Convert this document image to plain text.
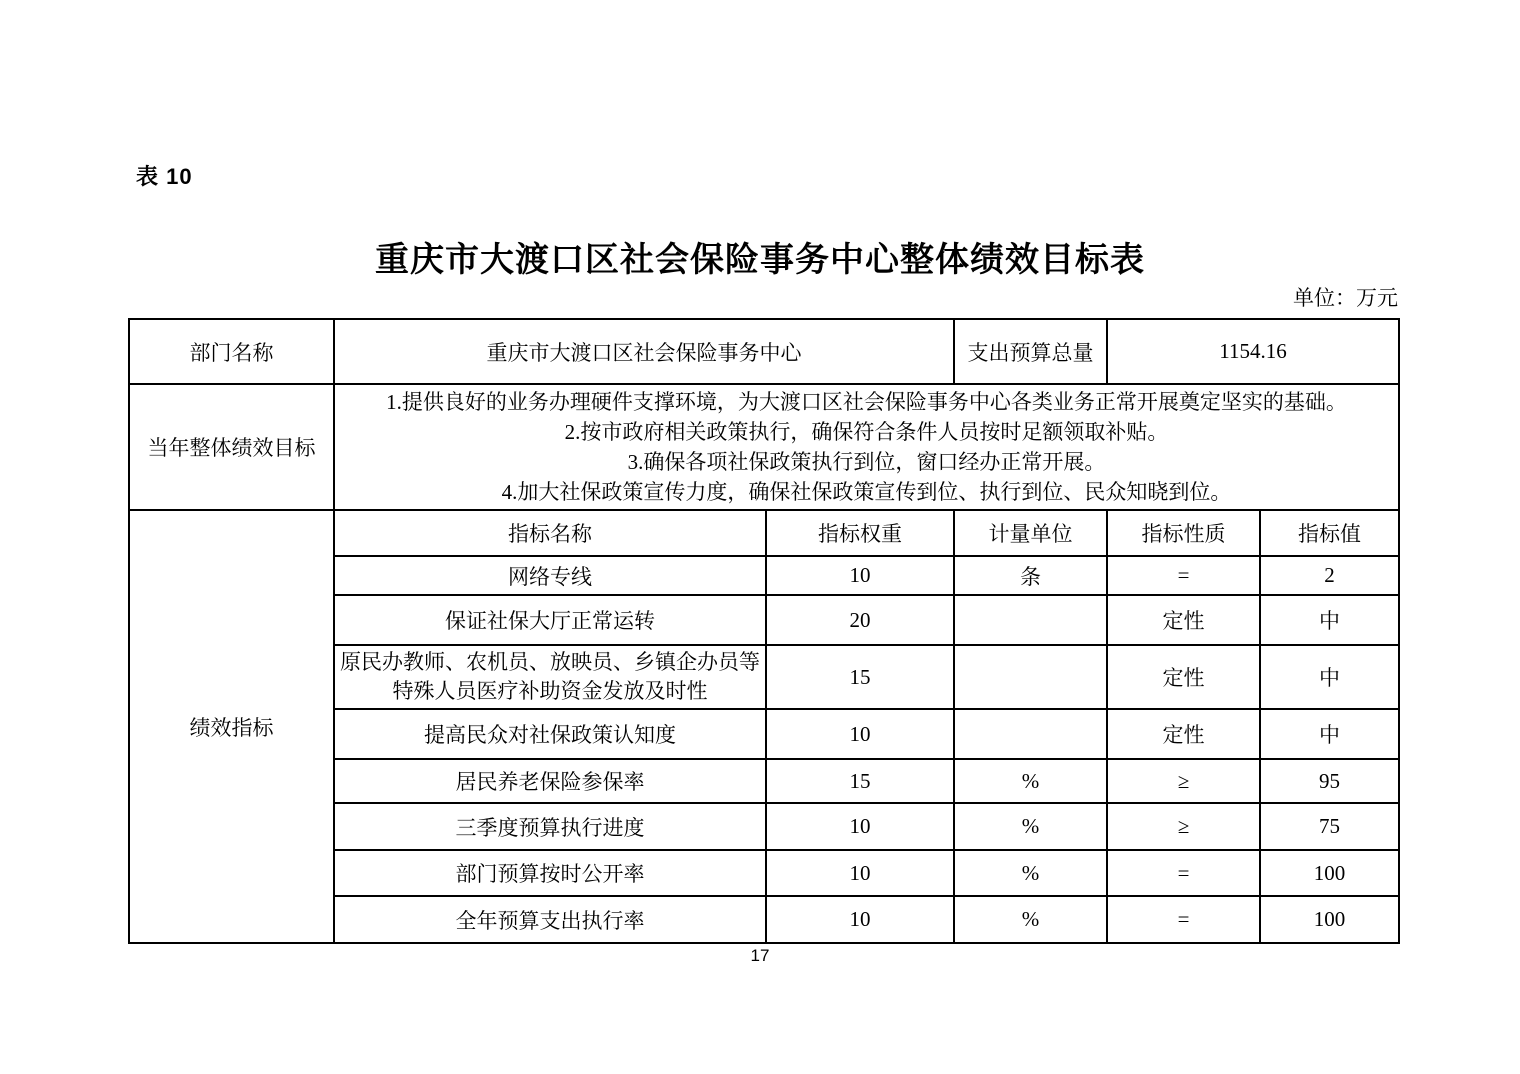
表 10
重庆市大渡口区社会保险事务中心整体绩效目标表
单位：万元
部门名称	重庆市大渡口区社会保险事务中心		支出预算总量	1154.16	
当年整体绩效目标	1.提供良好的业务办理硬件支撑环境，为大渡口区社会保险事务中心各类业务正常开展奠定坚实的基础。
2.按市政府相关政策执行，确保符合条件人员按时足额领取补贴。
3.确保各项社保政策执行到位，窗口经办正常开展。
4.加大社保政策宣传力度，确保社保政策宣传到位、执行到位、民众知晓到位。				

绩效指标	指标名称	指标权重	计量单位	指标性质	指标值
	网络专线	10	条	=	2
	保证社保大厅正常运转	20		定性	中
	原民办教师、农机员、放映员、乡镇企办员等特殊人员医疗补助资金发放及时性	15		定性	中
	提高民众对社保政策认知度	10		定性	中
	居民养老保险参保率	15	%	≥	95
	三季度预算执行进度	10	%	≥	75
	部门预算按时公开率	10	%	=	100
	全年预算支出执行率	10	%	=	100
17
